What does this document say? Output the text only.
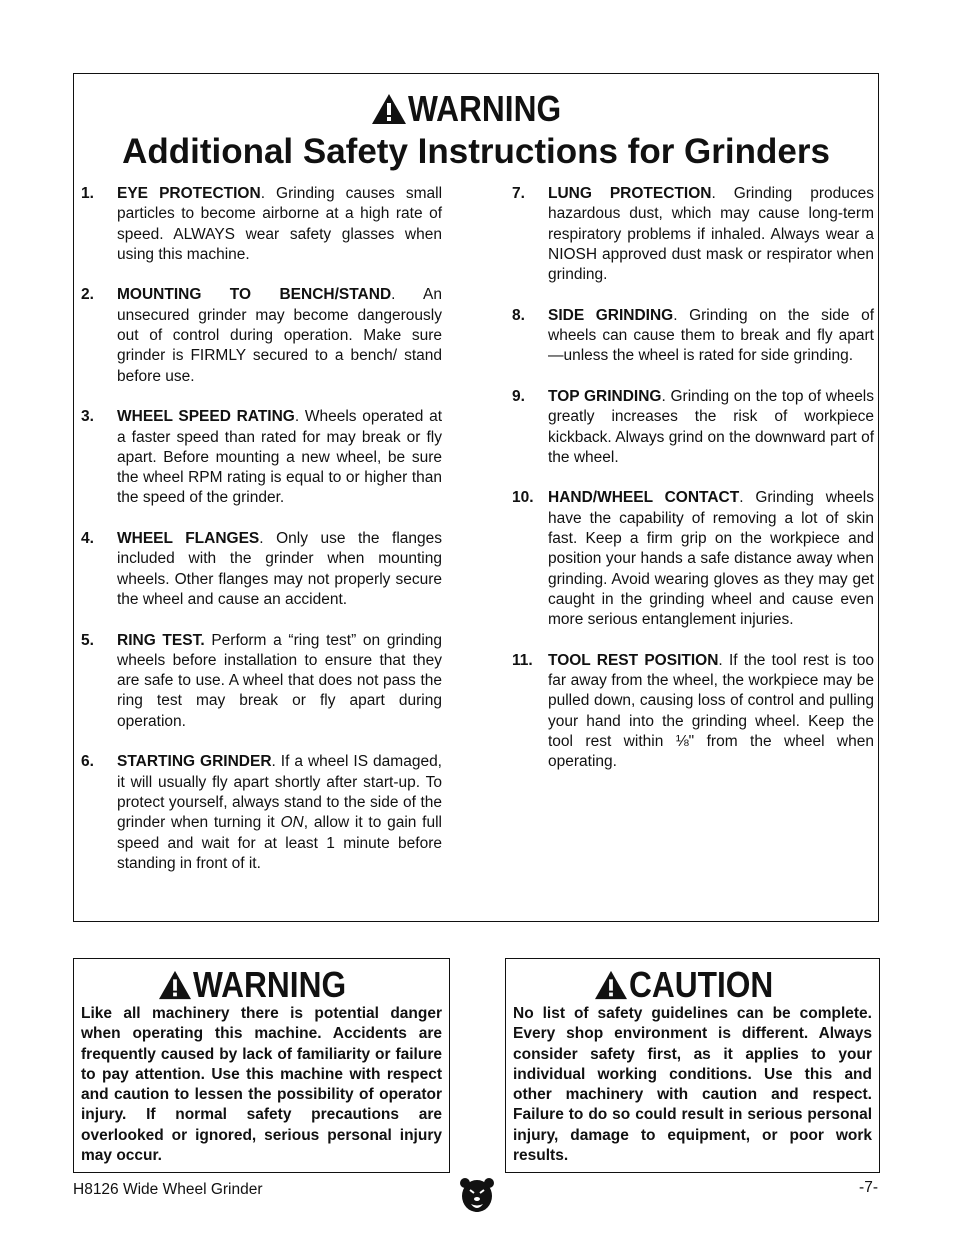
WARNING
Additional Safety Instructions for Grinders
1.	EYE PROTECTION. Grinding causes small particles to become airborne at a high rate of speed. ALWAYS wear safety glasses when using this machine.
2.	MOUNTING TO BENCH/STAND. An unsecured grinder may become dangerously out of control during operation. Make sure grinder is FIRMLY secured to a bench/ stand before use.
3.	WHEEL SPEED RATING. Wheels operated at a faster speed than rated for may break or fly apart. Before mounting a new wheel, be sure the wheel RPM rating is equal to or higher than the speed of the grinder.
4.	WHEEL FLANGES. Only use the flanges included with the grinder when mounting wheels. Other flanges may not properly secure the wheel and cause an accident.
5.	RING TEST. Perform a “ring test” on grinding wheels before installation to ensure that they are safe to use. A wheel that does not pass the ring test may break or fly apart during operation.
6.	STARTING GRINDER. If a wheel IS damaged, it will usually fly apart shortly after start-up. To protect yourself, always stand to the side of the grinder when turning it ON, allow it to gain full speed and wait for at least 1 minute before standing in front of it.
7.	LUNG PROTECTION. Grinding produces hazardous dust, which may cause long-term respiratory problems if inhaled. Always wear a NIOSH approved dust mask or respirator when grinding.
8.	SIDE GRINDING. Grinding on the side of wheels can cause them to break and fly apart—unless the wheel is rated for side grinding.
9.	TOP GRINDING. Grinding on the top of wheels greatly increases the risk of workpiece kickback. Always grind on the downward part of the wheel.
10. HAND/WHEEL CONTACT. Grinding wheels have the capability of removing a lot of skin fast. Keep a firm grip on the workpiece and position your hands a safe distance away when grinding. Avoid wearing gloves as they may get caught in the grinding wheel and cause even more serious entanglement injuries.
11. TOOL REST POSITION. If the tool rest is too far away from the wheel, the workpiece may be pulled down, causing loss of control and pulling your hand into the grinding wheel. Keep the tool rest within ⅛" from the wheel when operating.
WARNING
Like all machinery there is potential danger when operating this machine. Accidents are frequently caused by lack of familiarity or failure to pay attention. Use this machine with respect and caution to lessen the possibility of operator injury. If normal safety precautions are overlooked or ignored, serious personal injury may occur.
CAUTION
No list of safety guidelines can be complete. Every shop environment is different. Always consider safety first, as it applies to your individual working conditions. Use this and other machinery with caution and respect. Failure to do so could result in serious personal injury, damage to equipment, or poor work results.
H8126 Wide Wheel Grinder	-7-
